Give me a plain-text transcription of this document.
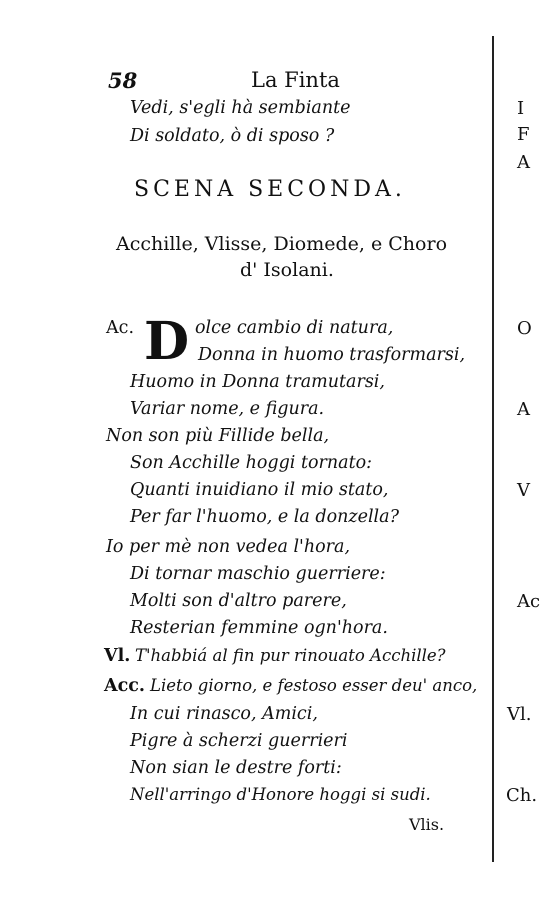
58	La Finta
Vedi, s'egli hà sembiante
Di soldato, ò di sposo ?
SCENA SECONDA.
Acchille, Vlisse, Diomede, e Choro
d' Isolani.
Ac. D olce cambio di natura,
Donna in huomo trasformarsi,
Huomo in Donna tramutarsi,
Variar nome, e figura.
Non son più Fillide bella,
Son Acchille hoggi tornato:
Quanti inuidiano il mio stato,
Per far l'huomo, e la donzella?
Io per mè non vedea l'hora,
Di tornar maschio guerriere:
Molti son d'altro parere,
Resterian femmine ogn'hora.
Vl. T'habbiá al fin pur rinouato Acchille?
Acc. Lieto giorno, e festoso esser deu' anco,
In cui rinasco, Amici,
Pigre à scherzi guerrieri
Non sian le destre forti:
Nell'arringo d'Honore hoggi si sudi.
Vlis.
I
F
A
O
A
V
Ac
Vl.
Ch.
